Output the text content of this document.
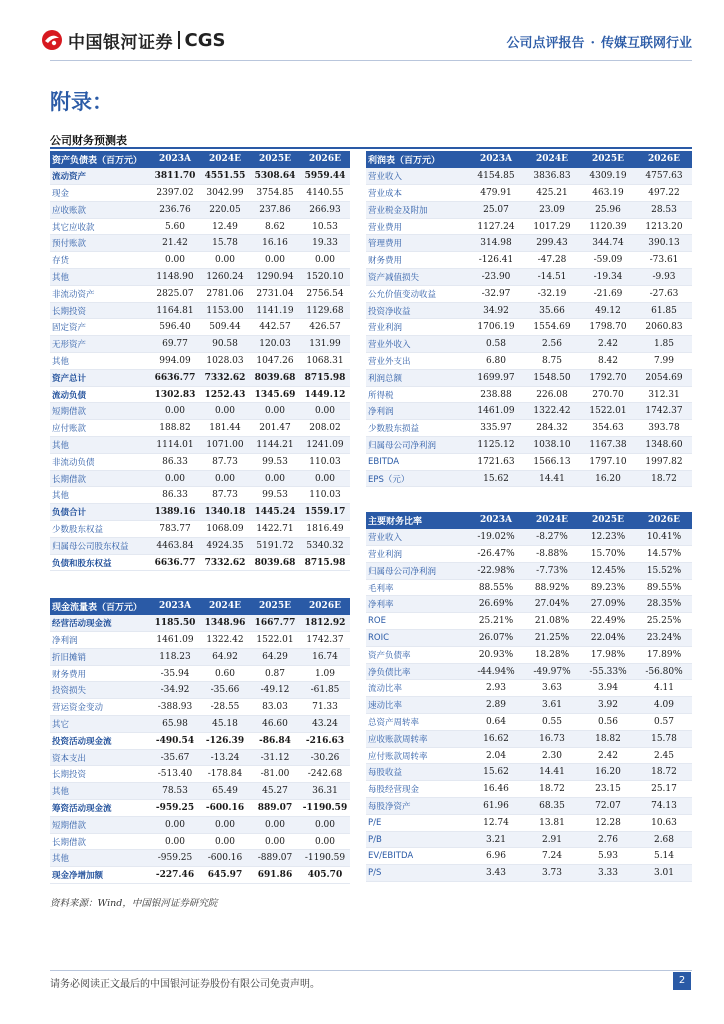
中国银河证券 CGS	公司点评报告 · 传媒互联网行业
附录：
公司财务预测表
资产负债表（百万元）	2023A	2024E	2025E	2026E
流动资产	3811.70	4551.55	5308.64	5959.44
现金	2397.02	3042.99	3754.85	4140.55
应收账款	236.76	220.05	237.86	266.93
其它应收款	5.60	12.49	8.62	10.53
预付账款	21.42	15.78	16.16	19.33
存货	0.00	0.00	0.00	0.00
其他	1148.90	1260.24	1290.94	1520.10
非流动资产	2825.07	2781.06	2731.04	2756.54
长期投资	1164.81	1153.00	1141.19	1129.68
固定资产	596.40	509.44	442.57	426.57
无形资产	69.77	90.58	120.03	131.99
其他	994.09	1028.03	1047.26	1068.31
资产总计	6636.77	7332.62	8039.68	8715.98
流动负债	1302.83	1252.43	1345.69	1449.12
短期借款	0.00	0.00	0.00	0.00
应付账款	188.82	181.44	201.47	208.02
其他	1114.01	1071.00	1144.21	1241.09
非流动负债	86.33	87.73	99.53	110.03
长期借款	0.00	0.00	0.00	0.00
其他	86.33	87.73	99.53	110.03
负债合计	1389.16	1340.18	1445.24	1559.17
少数股东权益	783.77	1068.09	1422.71	1816.49
归属母公司股东权益	4463.84	4924.35	5191.72	5340.32
负债和股东权益	6636.77	7332.62	8039.68	8715.98
利润表（百万元）	2023A	2024E	2025E	2026E
营业收入	4154.85	3836.83	4309.19	4757.63
营业成本	479.91	425.21	463.19	497.22
营业税金及附加	25.07	23.09	25.96	28.53
营业费用	1127.24	1017.29	1120.39	1213.20
管理费用	314.98	299.43	344.74	390.13
财务费用	-126.41	-47.28	-59.09	-73.61
资产减值损失	-23.90	-14.51	-19.34	-9.93
公允价值变动收益	-32.97	-32.19	-21.69	-27.63
投资净收益	34.92	35.66	49.12	61.85
营业利润	1706.19	1554.69	1798.70	2060.83
营业外收入	0.58	2.56	2.42	1.85
营业外支出	6.80	8.75	8.42	7.99
利润总额	1699.97	1548.50	1792.70	2054.69
所得税	238.88	226.08	270.70	312.31
净利润	1461.09	1322.42	1522.01	1742.37
少数股东损益	335.97	284.32	354.63	393.78
归属母公司净利润	1125.12	1038.10	1167.38	1348.60
EBITDA	1721.63	1566.13	1797.10	1997.82
EPS（元）	15.62	14.41	16.20	18.72
现金流量表（百万元）	2023A	2024E	2025E	2026E
经营活动现金流	1185.50	1348.96	1667.77	1812.92
净利润	1461.09	1322.42	1522.01	1742.37
折旧摊销	118.23	64.92	64.29	16.74
财务费用	-35.94	0.60	0.87	1.09
投资损失	-34.92	-35.66	-49.12	-61.85
营运资金变动	-388.93	-28.55	83.03	71.33
其它	65.98	45.18	46.60	43.24
投资活动现金流	-490.54	-126.39	-86.84	-216.63
资本支出	-35.67	-13.24	-31.12	-30.26
长期投资	-513.40	-178.84	-81.00	-242.68
其他	78.53	65.49	45.27	36.31
筹资活动现金流	-959.25	-600.16	889.07	-1190.59
短期借款	0.00	0.00	0.00	0.00
长期借款	0.00	0.00	0.00	0.00
其他	-959.25	-600.16	-889.07	-1190.59
现金净增加额	-227.46	645.97	691.86	405.70
主要财务比率	2023A	2024E	2025E	2026E
营业收入	-19.02%	-8.27%	12.23%	10.41%
营业利润	-26.47%	-8.88%	15.70%	14.57%
归属母公司净利润	-22.98%	-7.73%	12.45%	15.52%
毛利率	88.55%	88.92%	89.23%	89.55%
净利率	26.69%	27.04%	27.09%	28.35%
ROE	25.21%	21.08%	22.49%	25.25%
ROIC	26.07%	21.25%	22.04%	23.24%
资产负债率	20.93%	18.28%	17.98%	17.89%
净负债比率	-44.94%	-49.97%	-55.33%	-56.80%
流动比率	2.93	3.63	3.94	4.11
速动比率	2.89	3.61	3.92	4.09
总资产周转率	0.64	0.55	0.56	0.57
应收账款周转率	16.62	16.73	18.82	15.78
应付账款周转率	2.04	2.30	2.42	2.45
每股收益	15.62	14.41	16.20	18.72
每股经营现金	16.46	18.72	23.15	25.17
每股净资产	61.96	68.35	72.07	74.13
P/E	12.74	13.81	12.28	10.63
P/B	3.21	2.91	2.76	2.68
EV/EBITDA	6.96	7.24	5.93	5.14
P/S	3.43	3.73	3.33	3.01
资料来源：Wind，中国银河证券研究院
请务必阅读正文最后的中国银河证券股份有限公司免责声明。	2
